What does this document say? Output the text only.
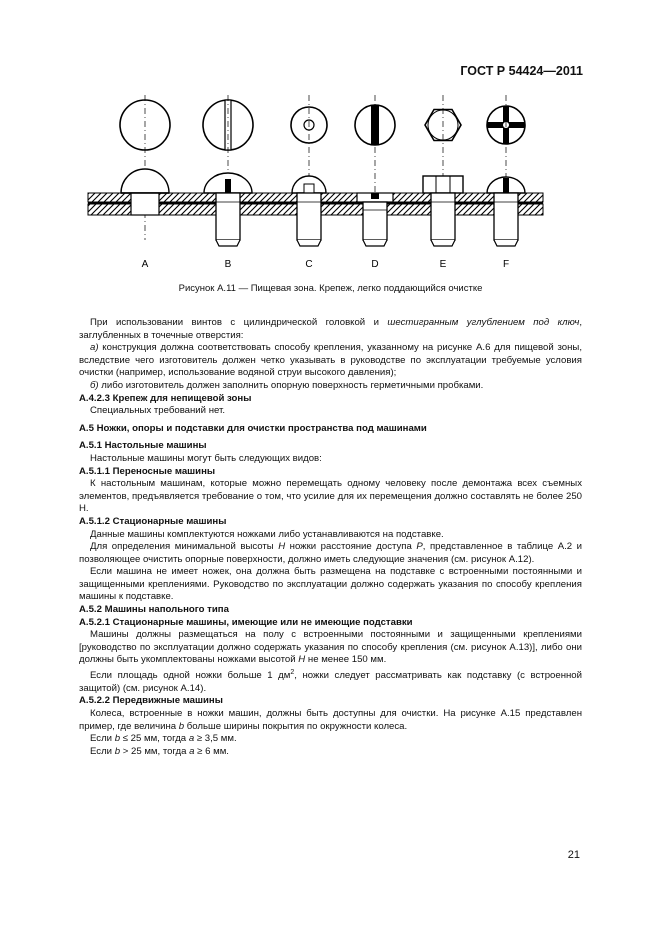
ГОСТ Р 54424—2011
A	B	C	D	E	F
Рисунок А.11 — Пищевая зона. Крепеж, легко поддающийся очистке

При использовании винтов с цилиндрической головкой и шестигранным углублением под ключ, заглубленных в точечные отверстия:

а) конструкция должна соответствовать способу крепления, указанному на рисунке А.6 для пищевой зоны, вследствие чего изготовитель должен четко указывать в руководстве по эксплуатации требуемые условия очистки (например, использование водяной струи высокого давления);

б) либо изготовитель должен заполнить опорную поверхность герметичными пробками.

А.4.2.3 Крепеж для непищевой зоны

Специальных требований нет.

А.5 Ножки, опоры и подставки для очистки пространства под машинами

А.5.1 Настольные машины

Настольные машины могут быть следующих видов:

А.5.1.1 Переносные машины

К настольным машинам, которые можно перемещать одному человеку после демонтажа всех съемных элементов, предъявляется требование о том, что усилие для их перемещения должно составлять не более 250 Н.

А.5.1.2 Стационарные машины

Данные машины комплектуются ножками либо устанавливаются на подставке.

Для определения минимальной высоты Н ножки расстояние доступа Р, представленное в таблице А.2 и позволяющее очистить опорные поверхности, должно иметь следующие значения (см. рисунок А.12).

Если машина не имеет ножек, она должна быть размещена на подставке с встроенными постоянными и защищенными креплениями. Руководство по эксплуатации должно содержать указания по способу крепления машины к подставке.

А.5.2 Машины напольного типа

А.5.2.1 Стационарные машины, имеющие или не имеющие подставки

Машины должны размещаться на полу с встроенными постоянными и защищенными креплениями [руководство по эксплуатации должно содержать указания по способу крепления (см. рисунок А.13)], либо они должны быть укомплектованы ножками высотой Н не менее 150 мм.

Если площадь одной ножки больше 1 $дм^2$, ножки следует рассматривать как подставку (с встроенной защитой) (см. рисунок А.14).

А.5.2.2 Передвижные машины

Колеса, встроенные в ножки машин, должны быть доступны для очистки. На рисунке А.15 представлен пример, где величина b больше ширины покрытия по окружности колеса.

Если b ≤ 25 мм, тогда a ≥ 3,5 мм.

Если b > 25 мм, тогда a ≥ 6 мм.

21
